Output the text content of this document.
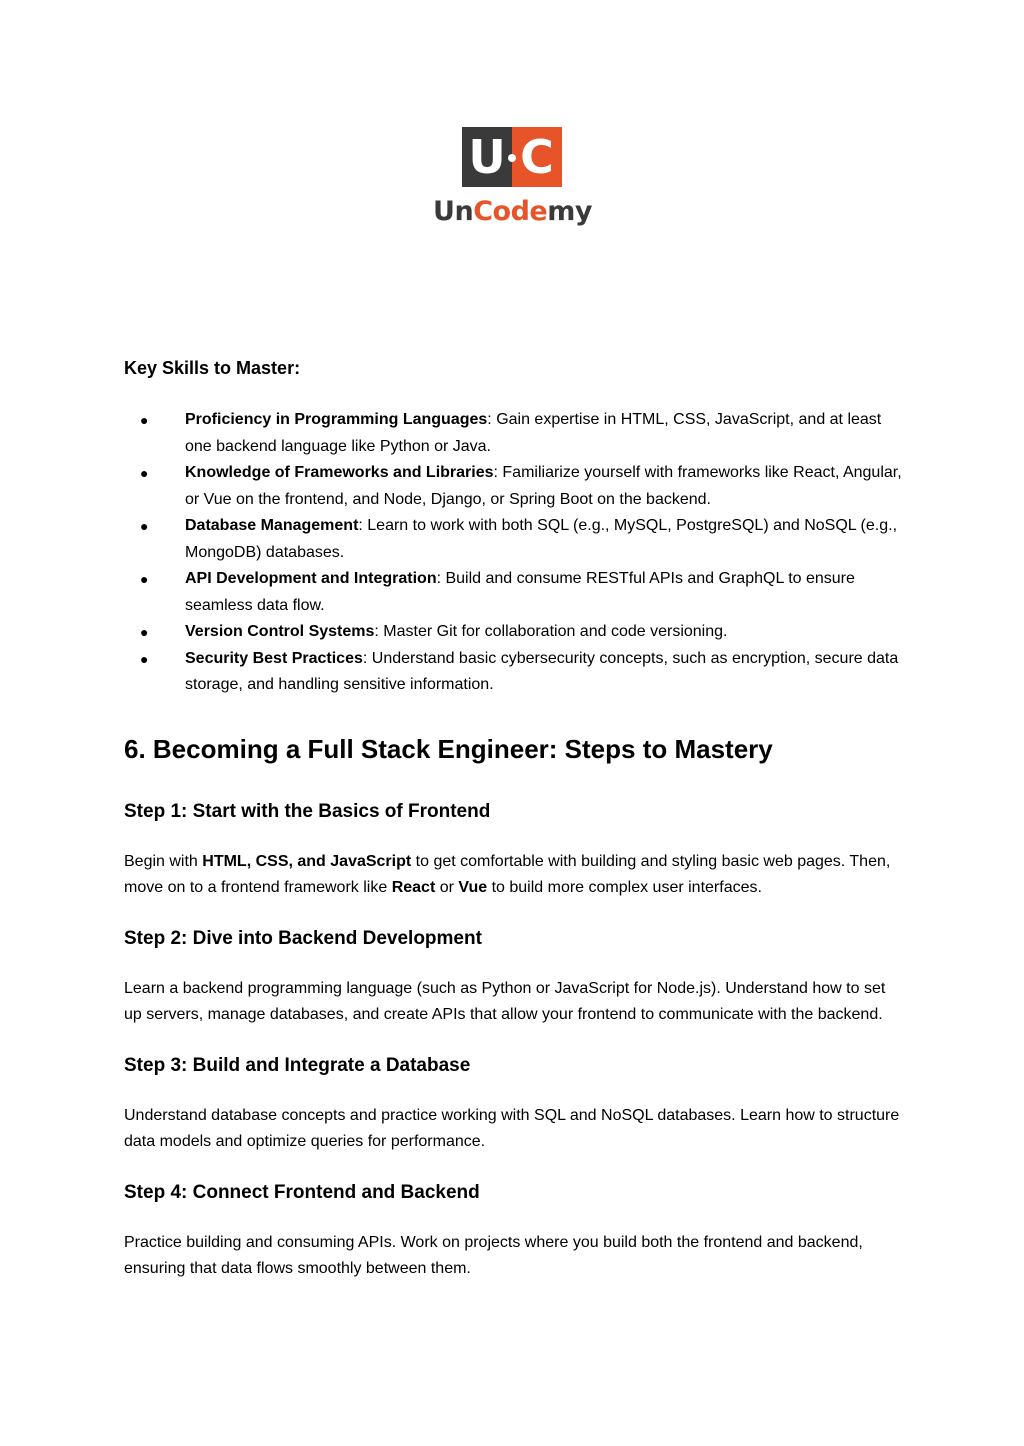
U C
UnCodemy
Key Skills to Master:
● Proficiency in Programming Languages: Gain expertise in HTML, CSS, JavaScript, and at least one backend language like Python or Java.
● Knowledge of Frameworks and Libraries: Familiarize yourself with frameworks like React, Angular, or Vue on the frontend, and Node, Django, or Spring Boot on the backend.
● Database Management: Learn to work with both SQL (e.g., MySQL, PostgreSQL) and NoSQL (e.g., MongoDB) databases.
● API Development and Integration: Build and consume RESTful APIs and GraphQL to ensure seamless data flow.
● Version Control Systems: Master Git for collaboration and code versioning.
● Security Best Practices: Understand basic cybersecurity concepts, such as encryption, secure data storage, and handling sensitive information.
6. Becoming a Full Stack Engineer: Steps to Mastery
Step 1: Start with the Basics of Frontend

Begin with HTML, CSS, and JavaScript to get comfortable with building and styling basic web pages. Then, move on to a frontend framework like React or Vue to build more complex user interfaces.

Step 2: Dive into Backend Development

Learn a backend programming language (such as Python or JavaScript for Node.js). Understand how to set up servers, manage databases, and create APIs that allow your frontend to communicate with the backend.

Step 3: Build and Integrate a Database

Understand database concepts and practice working with SQL and NoSQL databases. Learn how to structure data models and optimize queries for performance.

Step 4: Connect Frontend and Backend

Practice building and consuming APIs. Work on projects where you build both the frontend and backend, ensuring that data flows smoothly between them.
